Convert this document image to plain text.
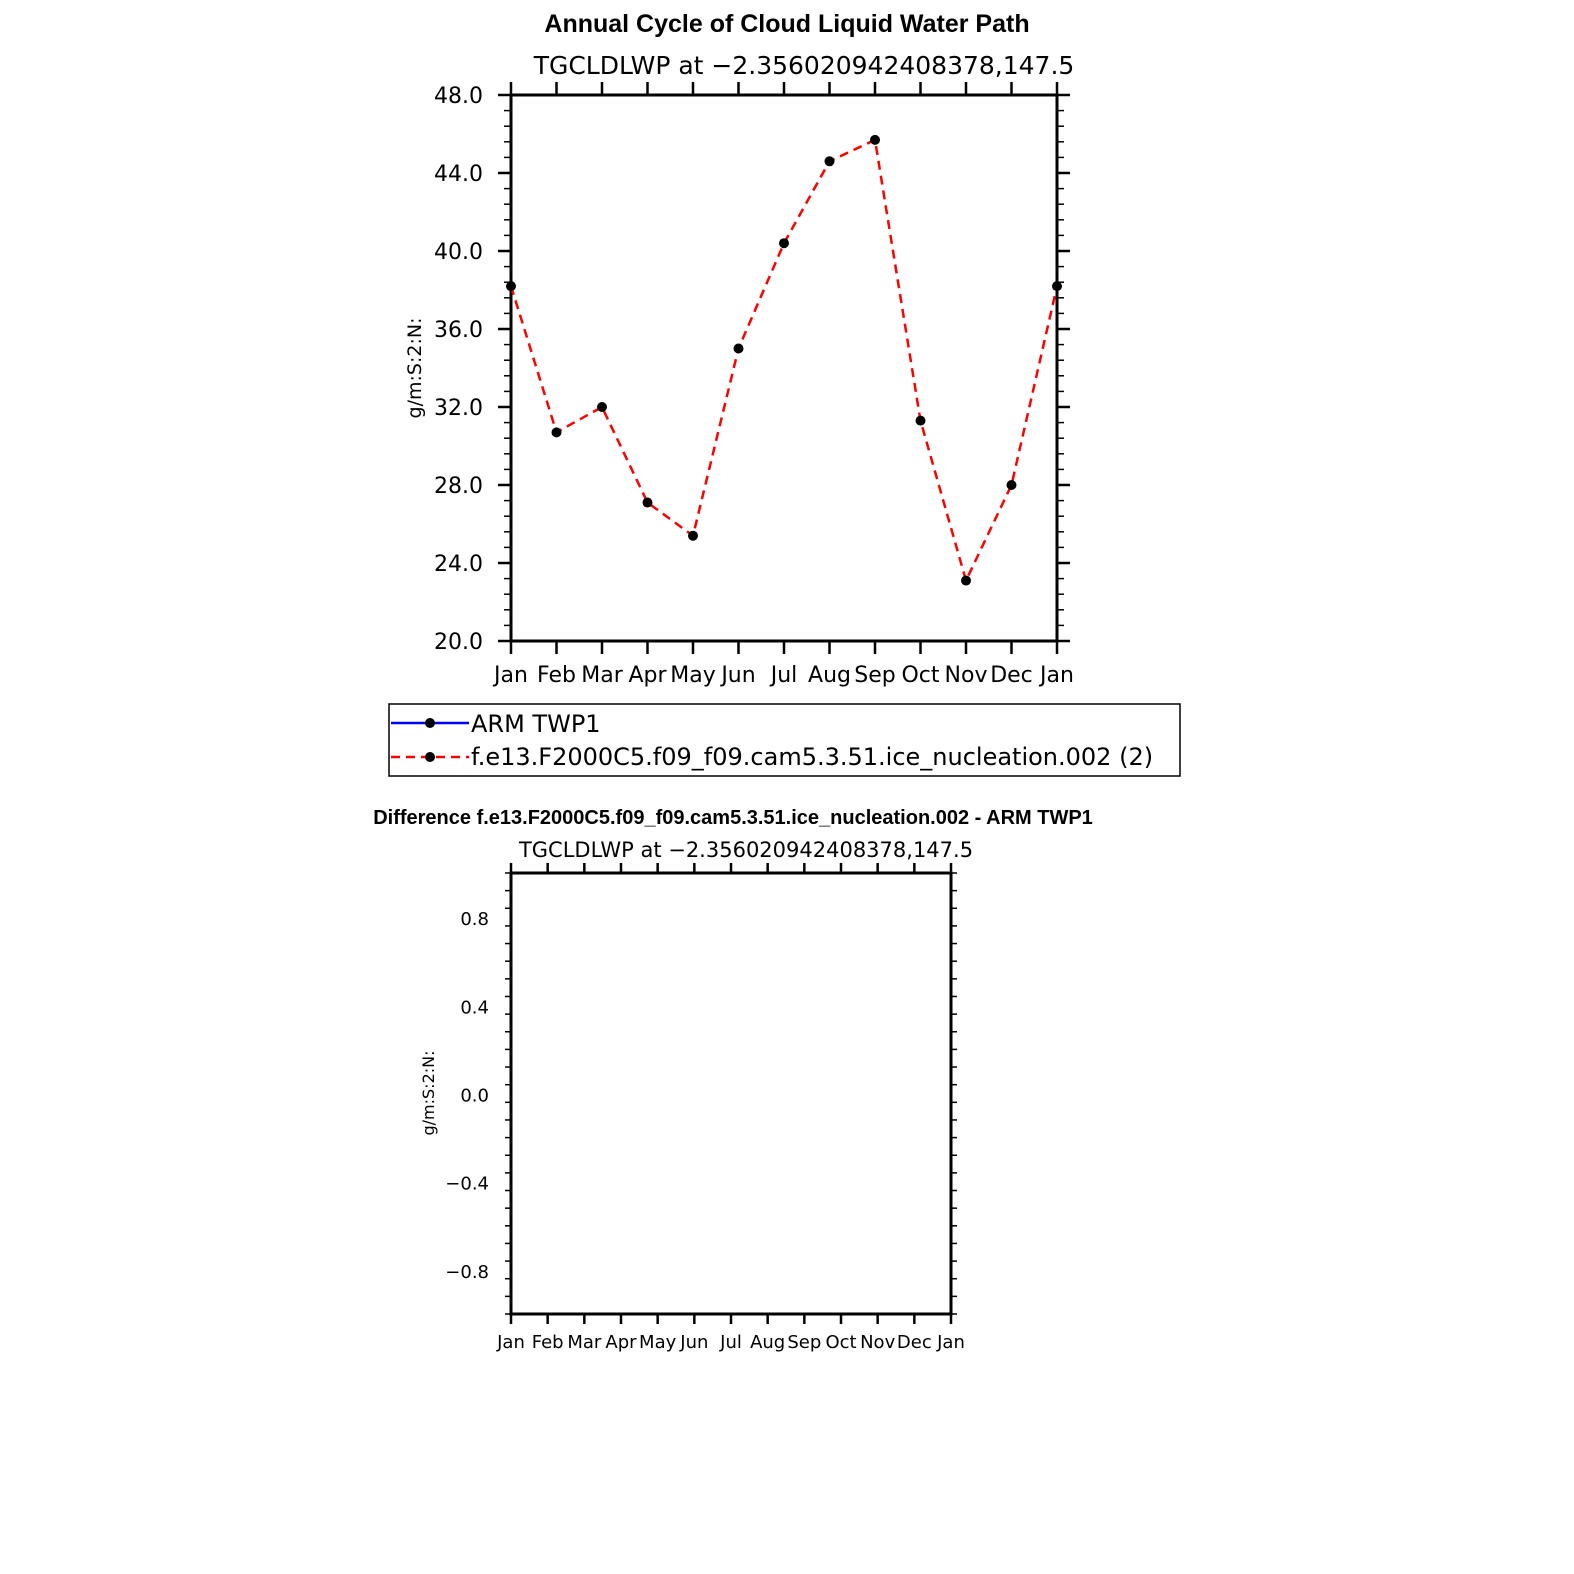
Annual Cycle of Cloud Liquid Water Path
TGCLDLWP at −2.356020942408378,147.5
g/m:S:2:N:
20.0
24.0
28.0
32.0
36.0
40.0
44.0
48.0
Jan Feb Mar Apr May Jun Jul Aug Sep Oct Nov Dec Jan
ARM TWP1
f.e13.F2000C5.f09_f09.cam5.3.51.ice_nucleation.002 (2)
Difference f.e13.F2000C5.f09_f09.cam5.3.51.ice_nucleation.002 - ARM TWP1
TGCLDLWP at −2.356020942408378,147.5
g/m:S:2:N:
−0.8
−0.4
0.0
0.4
0.8
Jan Feb Mar Apr May Jun Jul Aug Sep Oct Nov Dec Jan
